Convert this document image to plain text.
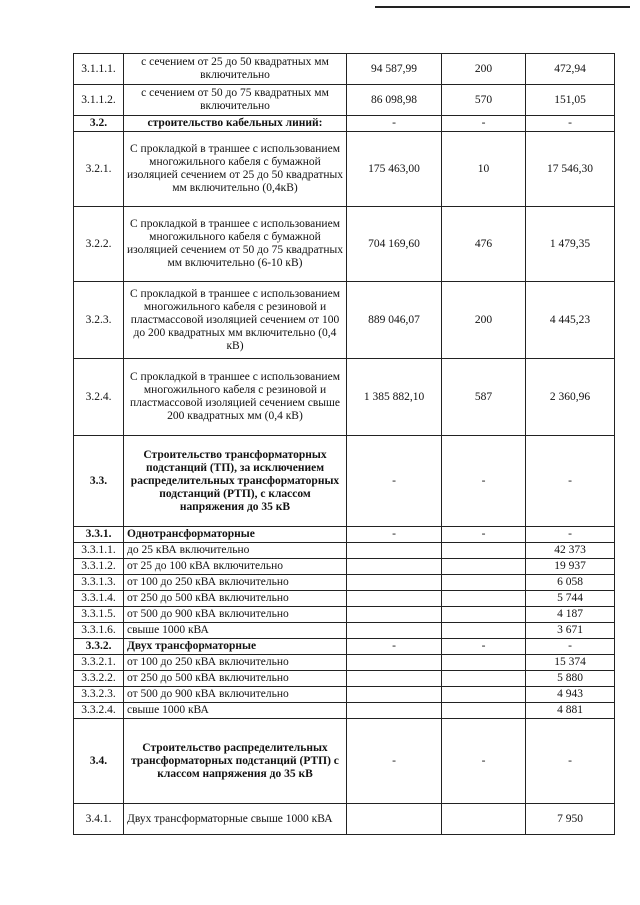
3.1.1.1.	с сечением от 25 до 50 квадратных мм включительно	94 587,99	200	472,94
3.1.1.2.	с сечением от 50 до 75 квадратных мм включительно	86 098,98	570	151,05
3.2.	строительство кабельных линий:	-	-	-
3.2.1.	С прокладкой в траншее с использованием многожильного кабеля с бумажной изоляцией сечением от 25 до 50 квадратных мм включительно (0,4кВ)	175 463,00	10	17 546,30
3.2.2.	С прокладкой в траншее с использованием многожильного кабеля с бумажной изоляцией сечением от 50 до 75 квадратных мм включительно (6-10 кВ)	704 169,60	476	1 479,35
3.2.3.	С прокладкой в траншее с использованием многожильного кабеля с резиновой и пластмассовой изоляцией сечением от 100 до 200 квадратных мм включительно (0,4 кВ)	889 046,07	200	4 445,23
3.2.4.	С прокладкой в траншее с использованием многожильного кабеля с резиновой и пластмассовой изоляцией сечением свыше 200 квадратных мм (0,4 кВ)	1 385 882,10	587	2 360,96
3.3.	Строительство трансформаторных подстанций (ТП), за исключением распределительных трансформаторных подстанций (РТП), с классом напряжения до 35 кВ	-	-	-
3.3.1.	Однотрансформаторные	-	-	-
3.3.1.1.	до 25 кВА включительно			42 373
3.3.1.2.	от 25 до 100 кВА включительно			19 937
3.3.1.3.	от 100 до 250 кВА включительно			6 058
3.3.1.4.	от 250 до 500 кВА включительно			5 744
3.3.1.5.	от 500 до 900 кВА включительно			4 187
3.3.1.6.	свыше 1000 кВА			3 671
3.3.2.	Двух трансформаторные	-	-	-
3.3.2.1.	от 100 до 250 кВА включительно			15 374
3.3.2.2.	от 250 до 500 кВА включительно			5 880
3.3.2.3.	от 500 до 900 кВА включительно			4 943
3.3.2.4.	свыше 1000 кВА			4 881
3.4.	Строительство распределительных трансформаторных подстанций (РТП) с классом напряжения до 35 кВ	-	-	-
3.4.1.	Двух трансформаторные свыше 1000 кВА			7 950
